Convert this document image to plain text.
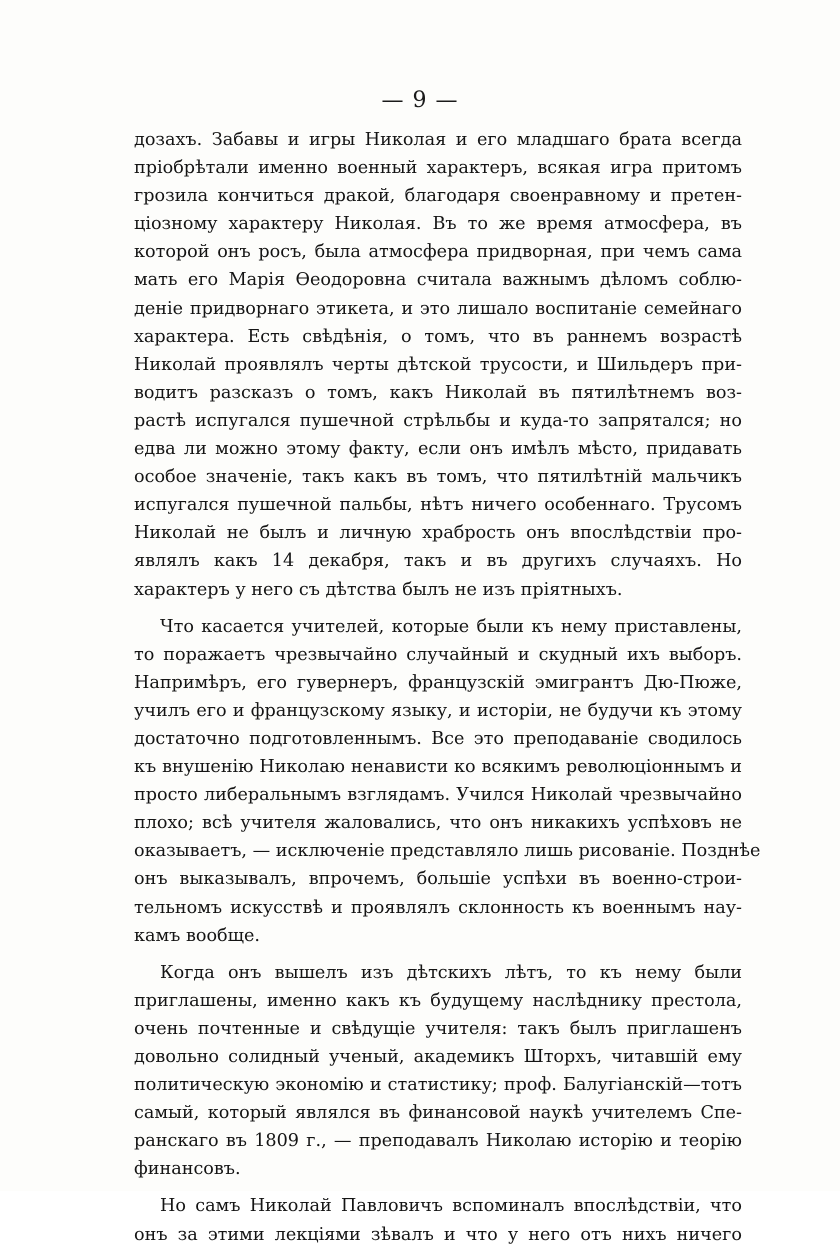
— 9 —
дозахъ. Забавы и игры Николая и его младшаго брата всегда
пріобрѣтали именно военный характеръ, всякая игра притомъ
грозила кончиться дракой, благодаря своенравному и претен-
ціозному характеру Николая. Въ то же время атмосфера, въ
которой онъ росъ, была атмосфера придворная, при чемъ сама
мать его Марія Ѳеодоровна считала важнымъ дѣломъ соблю-
деніе придворнаго этикета, и это лишало воспитаніе семейнаго
характера. Есть свѣдѣнія, о томъ, что въ раннемъ возрастѣ
Николай проявлялъ черты дѣтской трусости, и Шильдеръ при-
водитъ разсказъ о томъ, какъ Николай въ пятилѣтнемъ воз-
растѣ испугался пушечной стрѣльбы и куда-то запрятался; но
едва ли можно этому факту, если онъ имѣлъ мѣсто, придавать
особое значеніе, такъ какъ въ томъ, что пятилѣтній мальчикъ
испугался пушечной пальбы, нѣтъ ничего особеннаго. Трусомъ
Николай не былъ и личную храбрость онъ впослѣдствіи про-
являлъ какъ 14 декабря, такъ и въ другихъ случаяхъ. Но
характеръ у него съ дѣтства былъ не изъ пріятныхъ.
Что касается учителей, которые были къ нему приставлены,
то поражаетъ чрезвычайно случайный и скудный ихъ выборъ.
Напримѣръ, его гувернеръ, французскій эмигрантъ Дю-Пюже,
училъ его и французскому языку, и исторіи, не будучи къ этому
достаточно подготовленнымъ. Все это преподаваніе сводилось
къ внушенію Николаю ненависти ко всякимъ революціоннымъ и
просто либеральнымъ взглядамъ. Учился Николай чрезвычайно
плохо; всѣ учителя жаловались, что онъ никакихъ успѣховъ не
оказываетъ, — исключеніе представляло лишь рисованіе. Позднѣе
онъ выказывалъ, впрочемъ, большіе успѣхи въ военно-строи-
тельномъ искусствѣ и проявлялъ склонность къ военнымъ нау-
камъ вообще.
Когда онъ вышелъ изъ дѣтскихъ лѣтъ, то къ нему были
приглашены, именно какъ къ будущему наслѣднику престола,
очень почтенные и свѣдущіе учителя: такъ былъ приглашенъ
довольно солидный ученый, академикъ Шторхъ, читавшій ему
политическую экономію и статистику; проф. Балугіанскій—тотъ
самый, который являлся въ финансовой наукѣ учителемъ Спе-
ранскаго въ 1809 г., — преподавалъ Николаю исторію и теорію
финансовъ.
Но самъ Николай Павловичъ вспоминалъ впослѣдствіи, что
онъ за этими лекціями зѣвалъ и что у него отъ нихъ ничего
